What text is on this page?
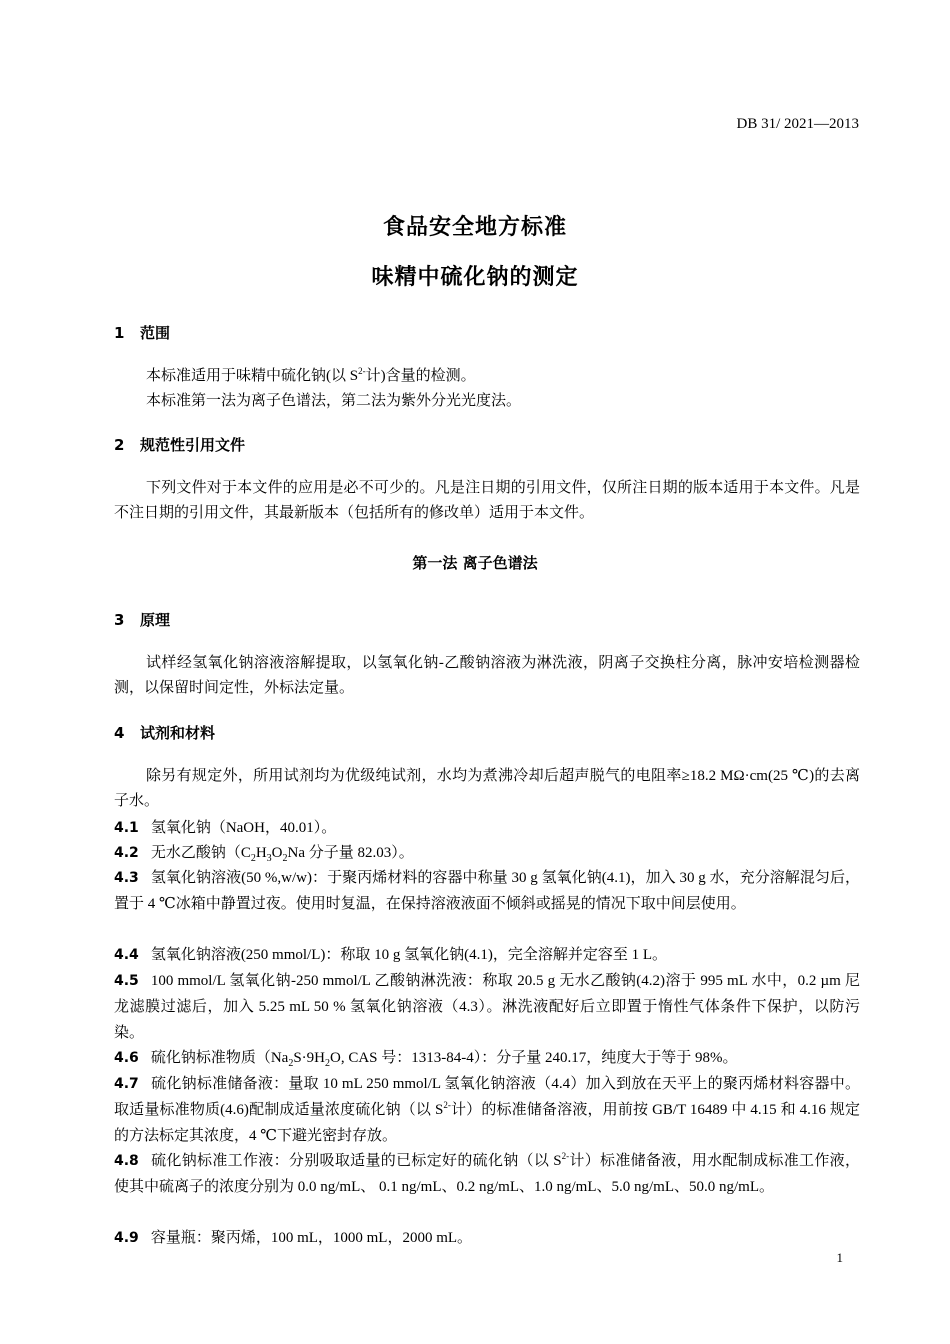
DB 31/ 2021—2013
食品安全地方标准
味精中硫化钠的测定
1 范围
本标准适用于味精中硫化钠(以 $S^{2-}$计)含量的检测。
本标准第一法为离子色谱法，第二法为紫外分光光度法。
2 规范性引用文件
下列文件对于本文件的应用是必不可少的。凡是注日期的引用文件，仅所注日期的版本适用于本文件。凡是不注日期的引用文件，其最新版本（包括所有的修改单）适用于本文件。
第一法 离子色谱法
3 原理
试样经氢氧化钠溶液溶解提取，以氢氧化钠-乙酸钠溶液为淋洗液，阴离子交换柱分离，脉冲安培检测器检测，以保留时间定性，外标法定量。
4 试剂和材料
除另有规定外，所用试剂均为优级纯试剂，水均为煮沸冷却后超声脱气的电阻率≥18.2 MΩ·cm(25 ℃)的去离子水。
4.1 氢氧化钠（NaOH，40.01）。
4.2 无水乙酸钠（$C_2H_3O_2Na$ 分子量 82.03）。
4.3 氢氧化钠溶液(50 %,w/w)：于聚丙烯材料的容器中称量 30 g 氢氧化钠(4.1)，加入 30 g 水，充分溶解混匀后，置于 4 ℃冰箱中静置过夜。使用时复温，在保持溶液液面不倾斜或摇晃的情况下取中间层使用。
4.4 氢氧化钠溶液(250 mmol/L)：称取 10 g 氢氧化钠(4.1)，完全溶解并定容至 1 L。
4.5 100 mmol/L 氢氧化钠-250 mmol/L 乙酸钠淋洗液：称取 20.5 g 无水乙酸钠(4.2)溶于 995 mL 水中，0.2 µm 尼龙滤膜过滤后，加入 5.25 mL 50 % 氢氧化钠溶液（4.3）。淋洗液配好后立即置于惰性气体条件下保护，以防污染。
4.6 硫化钠标准物质（$Na_2S\cdot 9H_2O$, CAS 号：1313-84-4）：分子量 240.17，纯度大于等于 98%。
4.7 硫化钠标准储备液：量取 10 mL 250 mmol/L 氢氧化钠溶液（4.4）加入到放在天平上的聚丙烯材料容器中。取适量标准物质(4.6)配制成适量浓度硫化钠（以 $S^{2-}$计）的标准储备溶液，用前按 GB/T 16489 中 4.15 和 4.16 规定的方法标定其浓度，4 ℃下避光密封存放。
4.8 硫化钠标准工作液：分别吸取适量的已标定好的硫化钠（以 $S^{2-}$计）标准储备液，用水配制成标准工作液，使其中硫离子的浓度分别为 0.0 ng/mL、 0.1 ng/mL、0.2 ng/mL、1.0 ng/mL、5.0 ng/mL、50.0 ng/mL。
4.9 容量瓶：聚丙烯，100 mL，1000 mL，2000 mL。
1
